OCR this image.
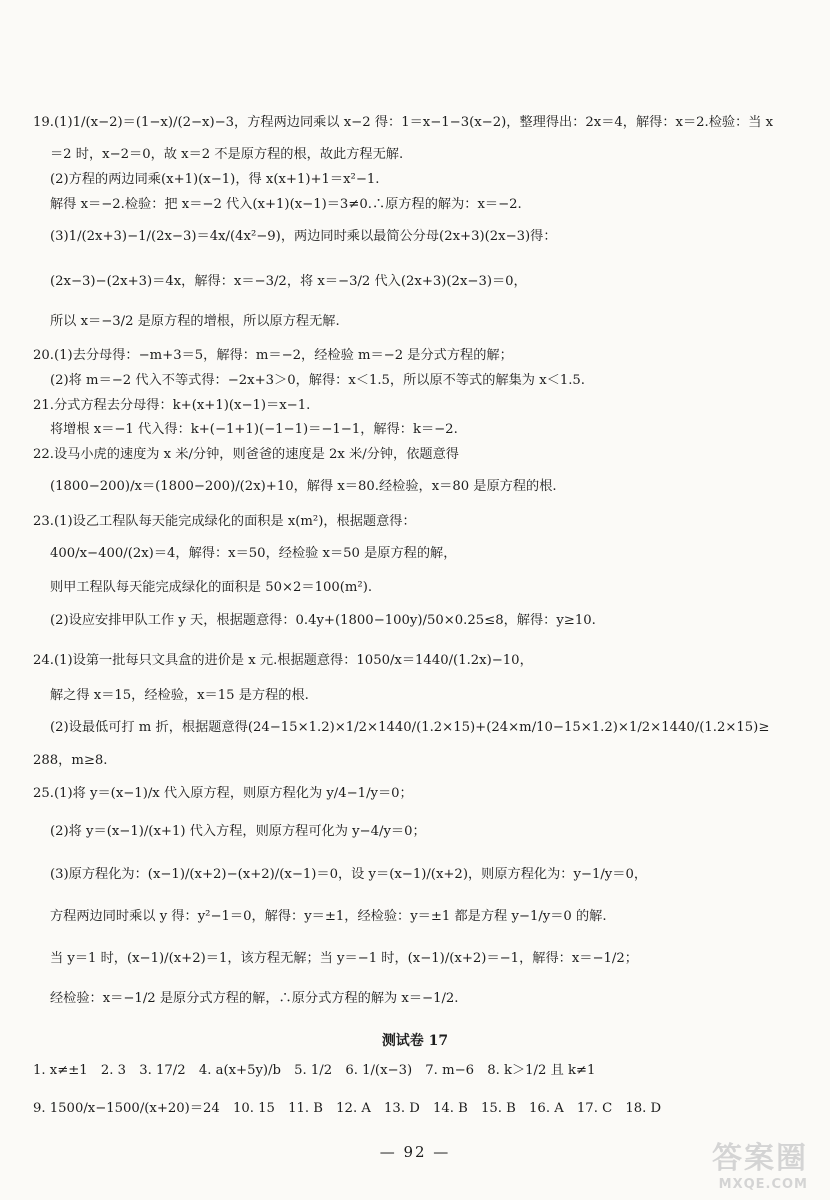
19.(1)1/(x−2)＝(1−x)/(2−x)−3，方程两边同乘以 x−2 得：1＝x−1−3(x−2)，整理得出：2x＝4，解得：x＝2.检验：当 x
＝2 时，x−2＝0，故 x＝2 不是原方程的根，故此方程无解.
(2)方程的两边同乘(x+1)(x−1)，得 x(x+1)+1＝x²−1.
解得 x＝−2.检验：把 x＝−2 代入(x+1)(x−1)＝3≠0.∴原方程的解为：x＝−2.
(3)1/(2x+3)−1/(2x−3)＝4x/(4x²−9)，两边同时乘以最简公分母(2x+3)(2x−3)得：
(2x−3)−(2x+3)＝4x，解得：x＝−3/2，将 x＝−3/2 代入(2x+3)(2x−3)＝0，
所以 x＝−3/2 是原方程的增根，所以原方程无解.
20.(1)去分母得：−m+3＝5，解得：m＝−2，经检验 m＝−2 是分式方程的解；
(2)将 m＝−2 代入不等式得：−2x+3＞0，解得：x＜1.5，所以原不等式的解集为 x＜1.5.
21.分式方程去分母得：k+(x+1)(x−1)＝x−1.
将增根 x＝−1 代入得：k+(−1+1)(−1−1)＝−1−1，解得：k＝−2.
22.设马小虎的速度为 x 米/分钟，则爸爸的速度是 2x 米/分钟，依题意得
(1800−200)/x＝(1800−200)/(2x)+10，解得 x＝80.经检验，x＝80 是原方程的根.
23.(1)设乙工程队每天能完成绿化的面积是 x(m²)，根据题意得：
400/x−400/(2x)＝4，解得：x＝50，经检验 x＝50 是原方程的解，
则甲工程队每天能完成绿化的面积是 50×2＝100(m²).
(2)设应安排甲队工作 y 天，根据题意得：0.4y+(1800−100y)/50×0.25≤8，解得：y≥10.
24.(1)设第一批每只文具盒的进价是 x 元.根据题意得：1050/x＝1440/(1.2x)−10，
解之得 x＝15，经检验，x＝15 是方程的根.
(2)设最低可打 m 折，根据题意得(24−15×1.2)×1/2×1440/(1.2×15)+(24×m/10−15×1.2)×1/2×1440/(1.2×15)≥
288，m≥8.
25.(1)将 y＝(x−1)/x 代入原方程，则原方程化为 y/4−1/y＝0；
(2)将 y＝(x−1)/(x+1) 代入方程，则原方程可化为 y−4/y＝0；
(3)原方程化为：(x−1)/(x+2)−(x+2)/(x−1)＝0，设 y＝(x−1)/(x+2)，则原方程化为：y−1/y＝0，
方程两边同时乘以 y 得：y²−1＝0，解得：y＝±1，经检验：y＝±1 都是方程 y−1/y＝0 的解.
当 y＝1 时，(x−1)/(x+2)＝1，该方程无解；当 y＝−1 时，(x−1)/(x+2)＝−1，解得：x＝−1/2；
经检验：x＝−1/2 是原分式方程的解，∴原分式方程的解为 x＝−1/2.
测试卷 17
1. x≠±1　2. 3　3. 17/2　4. a(x+5y)/b　5. 1/2　6. 1/(x−3)　7. m−6　8. k＞1/2 且 k≠1
9. 1500/x−1500/(x+20)＝24　10. 15　11. B　12. A　13. D　14. B　15. B　16. A　17. C　18. D
— 92 —	答案圈
MXQE.COM
